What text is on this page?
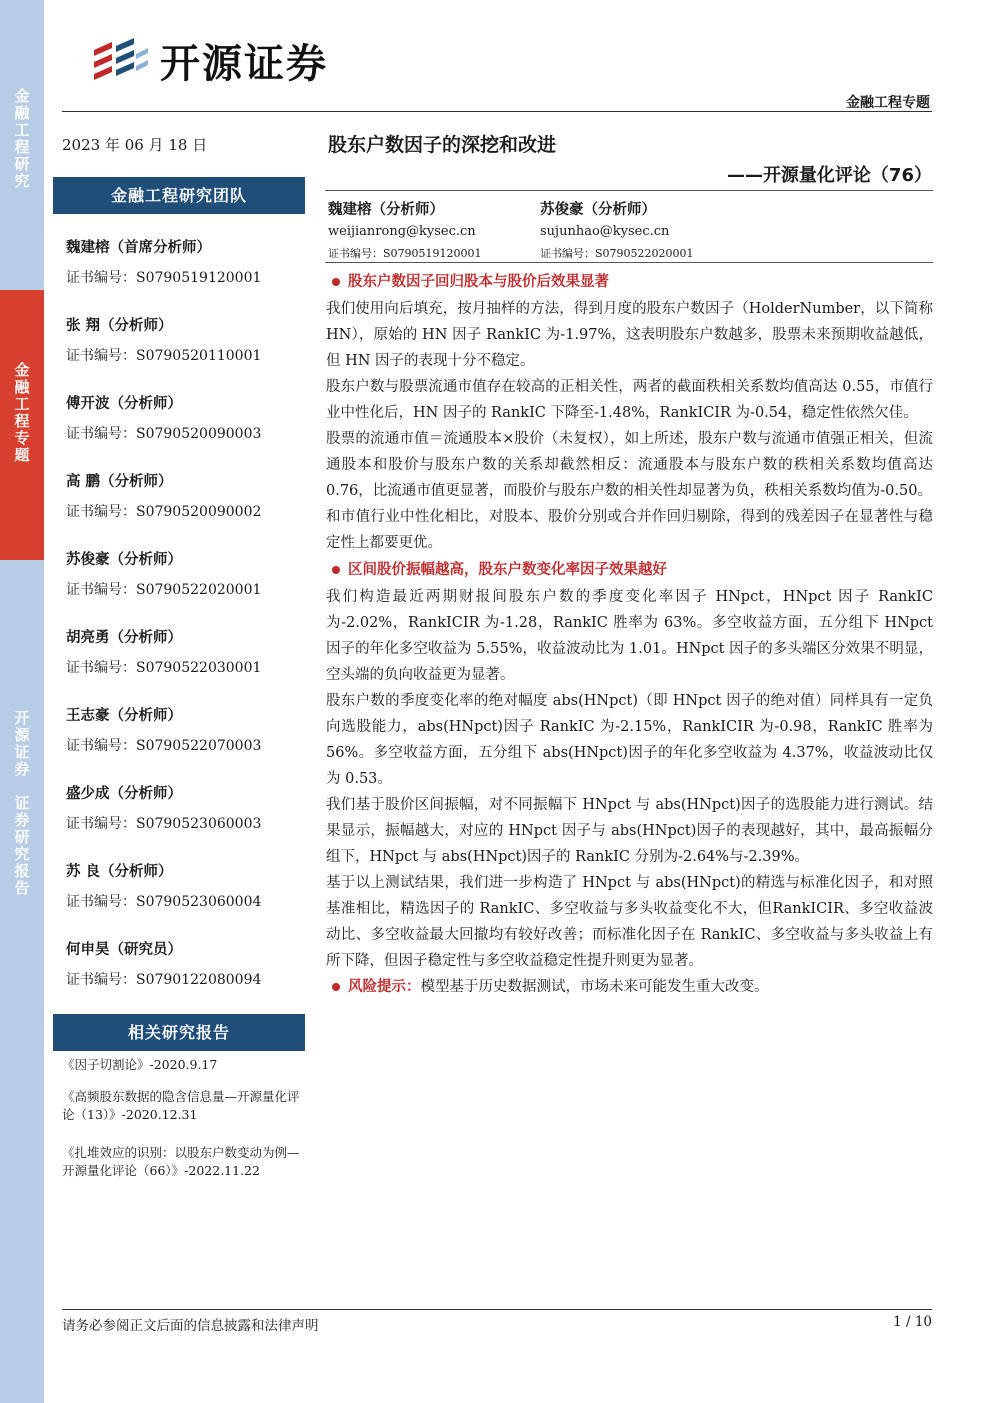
金
融
工
程
研
究
金
融
工
程
专
题
开
源
证
券

证
券
研
究
报
告
开源证券
金融工程专题
2023 年 06 月 18 日
金融工程研究团队
魏建榕（首席分析师）
证书编号：S0790519120001
张 翔（分析师）
证书编号：S0790520110001
傅开波（分析师）
证书编号：S0790520090003
高 鹏（分析师）
证书编号：S0790520090002
苏俊豪（分析师）
证书编号：S0790522020001
胡亮勇（分析师）
证书编号：S0790522030001
王志豪（分析师）
证书编号：S0790522070003
盛少成（分析师）
证书编号：S0790523060003
苏 良（分析师）
证书编号：S0790523060004
何申昊（研究员）
证书编号：S0790122080094
相关研究报告
《因子切割论》-2020.9.17
《高频股东数据的隐含信息量—开源量化评论（13）》-2020.12.31
《扎堆效应的识别：以股东户数变动为例—开源量化评论（66）》-2022.11.22
股东户数因子的深挖和改进
——开源量化评论（76）
魏建榕（分析师）
weijianrong@kysec.cn
证书编号：S0790519120001
苏俊豪（分析师）
sujunhao@kysec.cn
证书编号：S0790522020001
股东户数因子回归股本与股价后效果显著

我们使用向后填充，按月抽样的方法，得到月度的股东户数因子（HolderNumber，以下简称 HN），原始的 HN 因子 RankIC 为-1.97%，这表明股东户数越多，股票未来预期收益越低，但 HN 因子的表现十分不稳定。

股东户数与股票流通市值存在较高的正相关性，两者的截面秩相关系数均值高达 0.55，市值行业中性化后，HN 因子的 RankIC 下降至-1.48%，RankICIR 为-0.54，稳定性依然欠佳。

股票的流通市值＝流通股本×股价（未复权），如上所述，股东户数与流通市值强正相关，但流通股本和股价与股东户数的关系却截然相反：流通股本与股东户数的秩相关系数均值高达 0.76，比流通市值更显著，而股价与股东户数的相关性却显著为负，秩相关系数均值为-0.50。

和市值行业中性化相比，对股本、股价分别或合并作回归剔除，得到的残差因子在显著性与稳定性上都要更优。

区间股价振幅越高，股东户数变化率因子效果越好

我们构造最近两期财报间股东户数的季度变化率因子 HNpct，HNpct 因子 RankIC 为-2.02%，RankICIR 为-1.28，RankIC 胜率为 63%。多空收益方面，五分组下 HNpct 因子的年化多空收益为 5.55%，收益波动比为 1.01。HNpct 因子的多头端区分效果不明显，空头端的负向收益更为显著。

股东户数的季度变化率的绝对幅度 abs(HNpct)（即 HNpct 因子的绝对值）同样具有一定负向选股能力，abs(HNpct)因子 RankIC 为-2.15%，RankICIR 为-0.98，RankIC 胜率为 56%。多空收益方面，五分组下 abs(HNpct)因子的年化多空收益为 4.37%，收益波动比仅为 0.53。

我们基于股价区间振幅，对不同振幅下 HNpct 与 abs(HNpct)因子的选股能力进行测试。结果显示，振幅越大，对应的 HNpct 因子与 abs(HNpct)因子的表现越好，其中，最高振幅分组下，HNpct 与 abs(HNpct)因子的 RankIC 分别为-2.64%与-2.39%。

基于以上测试结果，我们进一步构造了 HNpct 与 abs(HNpct)的精选与标准化因子，和对照基准相比，精选因子的 RankIC、多空收益与多头收益变化不大，但RankICIR、多空收益波动比、多空收益最大回撤均有较好改善；而标准化因子在 RankIC、多空收益与多头收益上有所下降，但因子稳定性与多空收益稳定性提升则更为显著。

风险提示：模型基于历史数据测试，市场未来可能发生重大改变。
请务必参阅正文后面的信息披露和法律声明	1 / 10
